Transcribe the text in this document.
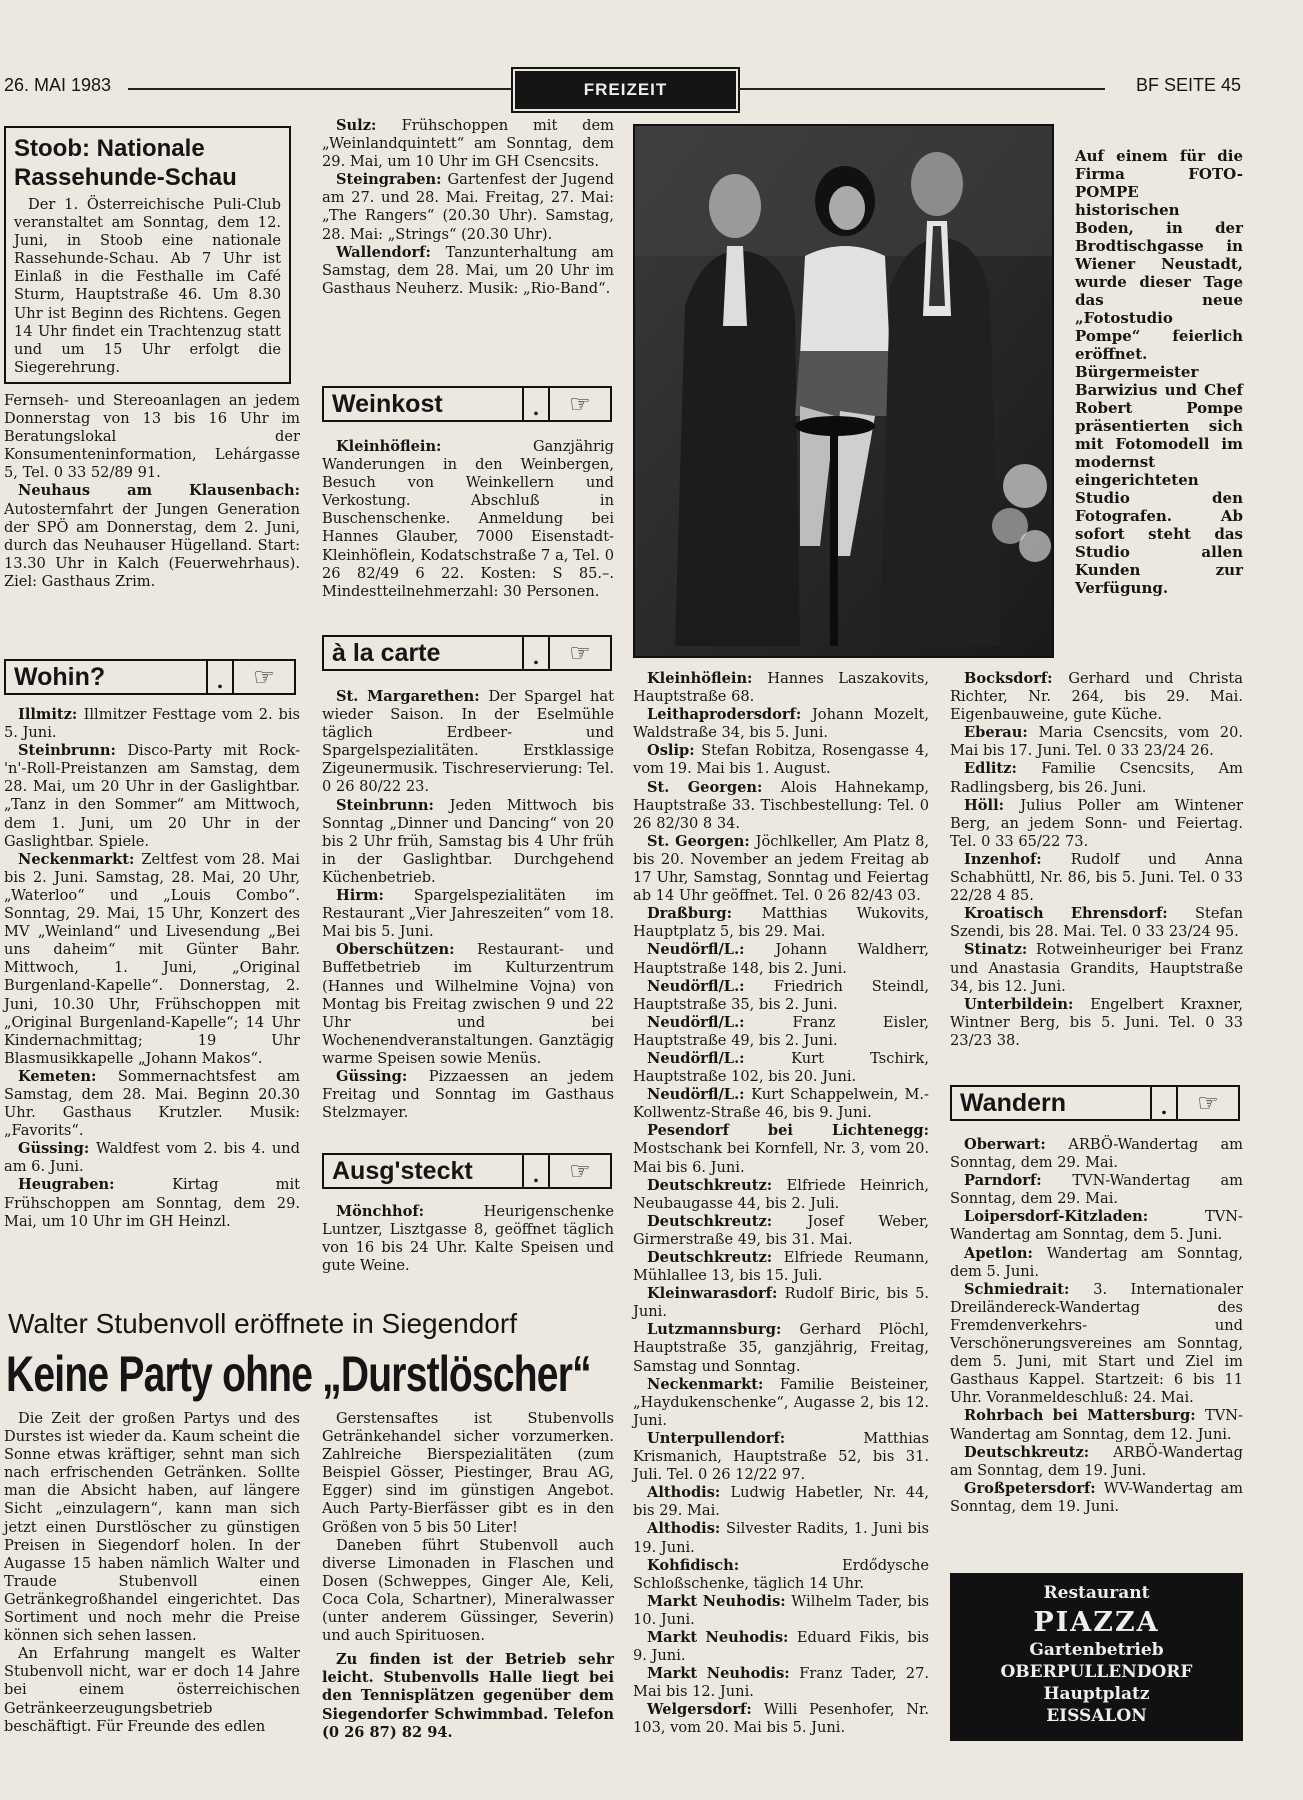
26. MAI 1983	FREIZEIT	BF SEITE 45
Stoob: Nationale Rassehunde-Schau

Der 1. Österreichische Puli-Club veranstaltet am Sonntag, dem 12. Juni, in Stoob eine nationale Rassehunde-Schau. Ab 7 Uhr ist Einlaß in die Festhalle im Café Sturm, Hauptstraße 46. Um 8.30 Uhr ist Beginn des Richtens. Gegen 14 Uhr findet ein Trachtenzug statt und um 15 Uhr erfolgt die Siegerehrung.

Fernseh- und Stereoanlagen an jedem Donnerstag von 13 bis 16 Uhr im Beratungslokal der Konsumenteninformation, Lehárgasse 5, Tel. 0 33 52/89 91.

Neuhaus am Klausenbach: Autosternfahrt der Jungen Generation der SPÖ am Donnerstag, dem 2. Juni, durch das Neuhauser Hügelland. Start: 13.30 Uhr in Kalch (Feuerwehrhaus). Ziel: Gasthaus Zrim.

Wohin?	.	☞

Illmitz: Illmitzer Festtage vom 2. bis 5. Juni.

Steinbrunn: Disco-Party mit Rock-'n'-Roll-Preistanzen am Samstag, dem 28. Mai, um 20 Uhr in der Gaslightbar. „Tanz in den Sommer“ am Mittwoch, dem 1. Juni, um 20 Uhr in der Gaslightbar. Spiele.

Neckenmarkt: Zeltfest vom 28. Mai bis 2. Juni. Samstag, 28. Mai, 20 Uhr, „Waterloo“ und „Louis Combo“. Sonntag, 29. Mai, 15 Uhr, Konzert des MV „Weinland“ und Livesendung „Bei uns daheim“ mit Günter Bahr. Mittwoch, 1. Juni, „Original Burgenland-Kapelle“. Donnerstag, 2. Juni, 10.30 Uhr, Frühschoppen mit „Original Burgenland-Kapelle“; 14 Uhr Kindernachmittag; 19 Uhr Blasmusikkapelle „Johann Makos“.

Kemeten: Sommernachtsfest am Samstag, dem 28. Mai. Beginn 20.30 Uhr. Gasthaus Krutzler. Musik: „Favorits“.

Güssing: Waldfest vom 2. bis 4. und am 6. Juni.

Heugraben: Kirtag mit Frühschoppen am Sonntag, dem 29. Mai, um 10 Uhr im GH Heinzl.

Sulz: Frühschoppen mit dem „Weinlandquintett“ am Sonntag, dem 29. Mai, um 10 Uhr im GH Csencsits.

Steingraben: Gartenfest der Jugend am 27. und 28. Mai. Freitag, 27. Mai: „The Rangers“ (20.30 Uhr). Samstag, 28. Mai: „Strings“ (20.30 Uhr).

Wallendorf: Tanzunterhaltung am Samstag, dem 28. Mai, um 20 Uhr im Gasthaus Neuherz. Musik: „Rio-Band“.

Weinkost	.	☞

Kleinhöflein: Ganzjährig Wanderungen in den Weinbergen, Besuch von Weinkellern und Verkostung. Abschluß in Buschenschenke. Anmeldung bei Hannes Glauber, 7000 Eisenstadt-Kleinhöflein, Kodatschstraße 7 a, Tel. 0 26 82/49 6 22. Kosten: S 85.–. Mindestteilnehmerzahl: 30 Personen.

à la carte	.	☞

St. Margarethen: Der Spargel hat wieder Saison. In der Eselmühle täglich Erdbeer- und Spargelspezialitäten. Erstklassige Zigeunermusik. Tischreservierung: Tel. 0 26 80/22 23.

Steinbrunn: Jeden Mittwoch bis Sonntag „Dinner und Dancing“ von 20 bis 2 Uhr früh, Samstag bis 4 Uhr früh in der Gaslightbar. Durchgehend Küchenbetrieb.

Hirm: Spargelspezialitäten im Restaurant „Vier Jahreszeiten“ vom 18. Mai bis 5. Juni.

Oberschützen: Restaurant- und Buffetbetrieb im Kulturzentrum (Hannes und Wilhelmine Vojna) von Montag bis Freitag zwischen 9 und 22 Uhr und bei Wochenendveranstaltungen. Ganztägig warme Speisen sowie Menüs.

Güssing: Pizzaessen an jedem Freitag und Sonntag im Gasthaus Stelzmayer.

Ausg'steckt	.	☞

Mönchhof: Heurigenschenke Luntzer, Lisztgasse 8, geöffnet täglich von 16 bis 24 Uhr. Kalte Speisen und gute Weine.

Auf einem für die Firma FOTO-POMPE historischen Boden, in der Brodtischgasse in Wiener Neustadt, wurde dieser Tage das neue „Fotostudio Pompe“ feierlich eröffnet. Bürgermeister Barwizius und Chef Robert Pompe präsentierten sich mit Fotomodell im modernst eingerichteten Studio den Fotografen. Ab sofort steht das Studio allen Kunden zur Verfügung.

Kleinhöflein: Hannes Laszakovits, Hauptstraße 68.

Leithaprodersdorf: Johann Mozelt, Waldstraße 34, bis 5. Juni.

Oslip: Stefan Robitza, Rosengasse 4, vom 19. Mai bis 1. August.

St. Georgen: Alois Hahnekamp, Hauptstraße 33. Tischbestellung: Tel. 0 26 82/30 8 34.

St. Georgen: Jöchlkeller, Am Platz 8, bis 20. November an jedem Freitag ab 17 Uhr, Samstag, Sonntag und Feiertag ab 14 Uhr geöffnet. Tel. 0 26 82/43 03.

Draßburg: Matthias Wukovits, Hauptplatz 5, bis 29. Mai.

Neudörfl/L.: Johann Waldherr, Hauptstraße 148, bis 2. Juni.

Neudörfl/L.: Friedrich Steindl, Hauptstraße 35, bis 2. Juni.

Neudörfl/L.: Franz Eisler, Hauptstraße 49, bis 2. Juni.

Neudörfl/L.: Kurt Tschirk, Hauptstraße 102, bis 20. Juni.

Neudörfl/L.: Kurt Schappelwein, M.-Kollwentz-Straße 46, bis 9. Juni.

Pesendorf bei Lichtenegg: Mostschank bei Kornfell, Nr. 3, vom 20. Mai bis 6. Juni.

Deutschkreutz: Elfriede Heinrich, Neubaugasse 44, bis 2. Juli.

Deutschkreutz: Josef Weber, Girmerstraße 49, bis 31. Mai.

Deutschkreutz: Elfriede Reumann, Mühlallee 13, bis 15. Juli.

Kleinwarasdorf: Rudolf Biric, bis 5. Juni.

Lutzmannsburg: Gerhard Plöchl, Hauptstraße 35, ganzjährig, Freitag, Samstag und Sonntag.

Neckenmarkt: Familie Beisteiner, „Haydukenschenke“, Augasse 2, bis 12. Juni.

Unterpullendorf: Matthias Krismanich, Hauptstraße 52, bis 31. Juli. Tel. 0 26 12/22 97.

Althodis: Ludwig Habetler, Nr. 44, bis 29. Mai.

Althodis: Silvester Radits, 1. Juni bis 19. Juni.

Kohfidisch: Erdődysche Schloßschenke, täglich 14 Uhr.

Markt Neuhodis: Wilhelm Tader, bis 10. Juni.

Markt Neuhodis: Eduard Fikis, bis 9. Juni.

Markt Neuhodis: Franz Tader, 27. Mai bis 12. Juni.

Welgersdorf: Willi Pesenhofer, Nr. 103, vom 20. Mai bis 5. Juni.

Bocksdorf: Gerhard und Christa Richter, Nr. 264, bis 29. Mai. Eigenbauweine, gute Küche.

Eberau: Maria Csencsits, vom 20. Mai bis 17. Juni. Tel. 0 33 23/24 26.

Edlitz: Familie Csencsits, Am Radlingsberg, bis 26. Juni.

Höll: Julius Poller am Wintener Berg, an jedem Sonn- und Feiertag. Tel. 0 33 65/22 73.

Inzenhof: Rudolf und Anna Schabhüttl, Nr. 86, bis 5. Juni. Tel. 0 33 22/28 4 85.

Kroatisch Ehrensdorf: Stefan Szendi, bis 28. Mai. Tel. 0 33 23/24 95.

Stinatz: Rotweinheuriger bei Franz und Anastasia Grandits, Hauptstraße 34, bis 12. Juni.

Unterbildein: Engelbert Kraxner, Wintner Berg, bis 5. Juni. Tel. 0 33 23/23 38.

Wandern	.	☞

Oberwart: ARBÖ-Wandertag am Sonntag, dem 29. Mai.

Parndorf: TVN-Wandertag am Sonntag, dem 29. Mai.

Loipersdorf-Kitzladen: TVN-Wandertag am Sonntag, dem 5. Juni.

Apetlon: Wandertag am Sonntag, dem 5. Juni.

Schmiedrait: 3. Internationaler Dreiländereck-Wandertag des Fremdenverkehrs- und Verschönerungsvereines am Sonntag, dem 5. Juni, mit Start und Ziel im Gasthaus Kappel. Startzeit: 6 bis 11 Uhr. Voranmeldeschluß: 24. Mai.

Rohrbach bei Mattersburg: TVN-Wandertag am Sonntag, dem 12. Juni.

Deutschkreutz: ARBÖ-Wandertag am Sonntag, dem 19. Juni.

Großpetersdorf: WV-Wandertag am Sonntag, dem 19. Juni.

Restaurant
PIAZZA
Gartenbetrieb
OBERPULLENDORF
Hauptplatz
EISSALON
Walter Stubenvoll eröffnete in Siegendorf
Keine Party ohne „Durstlöscher“

Die Zeit der großen Partys und des Durstes ist wieder da. Kaum scheint die Sonne etwas kräftiger, sehnt man sich nach erfrischenden Getränken. Sollte man die Absicht haben, auf längere Sicht „einzulagern“, kann man sich jetzt einen Durstlöscher zu günstigen Preisen in Siegendorf holen. In der Augasse 15 haben nämlich Walter und Traude Stubenvoll einen Getränkegroßhandel eingerichtet. Das Sortiment und noch mehr die Preise können sich sehen lassen.

An Erfahrung mangelt es Walter Stubenvoll nicht, war er doch 14 Jahre bei einem österreichischen Getränkeerzeugungsbetrieb beschäftigt. Für Freunde des edlen

Gerstensaftes ist Stubenvolls Getränkehandel sicher vorzumerken. Zahlreiche Bierspezialitäten (zum Beispiel Gösser, Piestinger, Brau AG, Egger) sind im günstigen Angebot. Auch Party-Bierfässer gibt es in den Größen von 5 bis 50 Liter!

Daneben führt Stubenvoll auch diverse Limonaden in Flaschen und Dosen (Schweppes, Ginger Ale, Keli, Coca Cola, Schartner), Mineralwasser (unter anderem Güssinger, Severin) und auch Spirituosen.

Zu finden ist der Betrieb sehr leicht. Stubenvolls Halle liegt bei den Tennisplätzen gegenüber dem Siegendorfer Schwimmbad. Telefon (0 26 87) 82 94.
